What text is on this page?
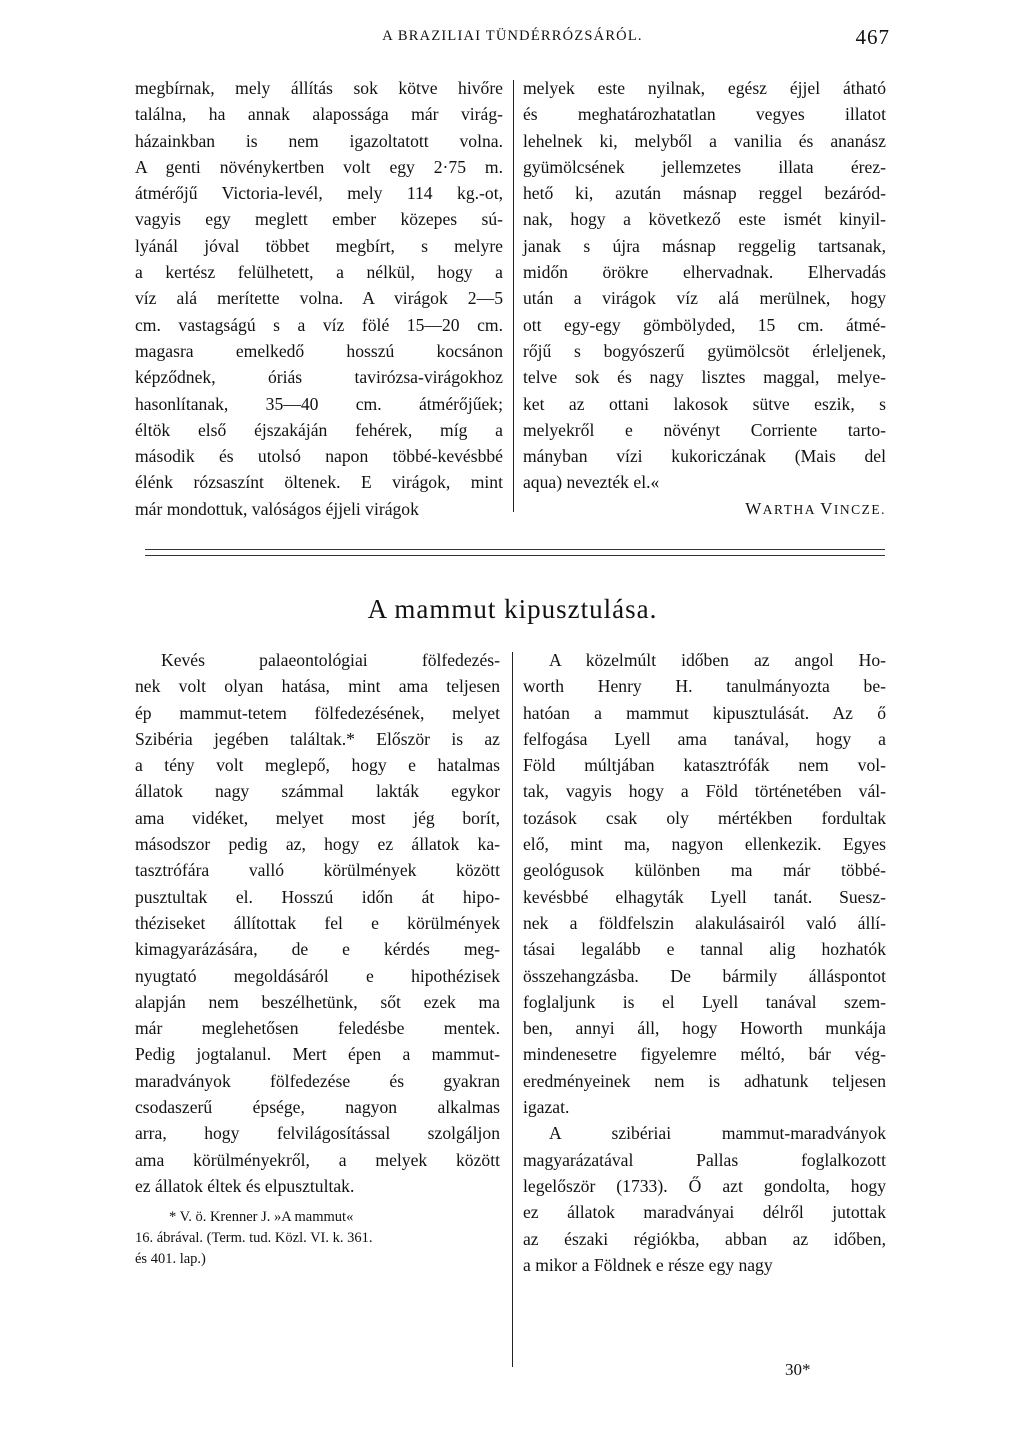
A BRAZILIAI TÜNDÉRRÓZSÁRÓL.	467
megbírnak, mely állítás sok kötve hivőre
találna, ha annak alapossága már virág-
házainkban is nem igazoltatott volna.
A genti növénykertben volt egy 2·75 m.
átmérőjű Victoria-levél, mely 114 kg.-ot,
vagyis egy meglett ember közepes sú-
lyánál jóval többet megbírt, s melyre
a kertész felülhetett, a nélkül, hogy a
víz alá merítette volna. A virágok 2—5
cm. vastagságú s a víz fölé 15—20 cm.
magasra emelkedő hosszú kocsánon
képződnek, óriás tavirózsa-virágokhoz
hasonlítanak, 35—40 cm. átmérőjűek;
éltök első éjszakáján fehérek, míg a
második és utolsó napon többé-kevésbbé
élénk rózsaszínt öltenek. E virágok, mint
már mondottuk, valóságos éjjeli virágok
melyek este nyilnak, egész éjjel átható
és meghatározhatatlan vegyes illatot
lehelnek ki, melyből a vanilia és ananász
gyümölcsének jellemzetes illata érez-
hető ki, azután másnap reggel bezáród-
nak, hogy a következő este ismét kinyil-
janak s újra másnap reggelig tartsanak,
midőn örökre elhervadnak. Elhervadás
után a virágok víz alá merülnek, hogy
ott egy-egy gömbölyded, 15 cm. átmé-
rőjű s bogyószerű gyümölcsöt érleljenek,
telve sok és nagy lisztes maggal, melye-
ket az ottani lakosok sütve eszik, s
melyekről e növényt Corriente tarto-
mányban vízi kukoriczának (Mais del
aqua) nevezték el.«
WARTHA VINCZE.
A mammut kipusztulása.
Kevés palaeontológiai fölfedezés-
nek volt olyan hatása, mint ama teljesen
ép mammut-tetem fölfedezésének, melyet
Szibéria jegében találtak.* Először is az
a tény volt meglepő, hogy e hatalmas
állatok nagy számmal lakták egykor
ama vidéket, melyet most jég borít,
másodszor pedig az, hogy ez állatok ka-
tasztrófára valló körülmények között
pusztultak el. Hosszú időn át hipo-
théziseket állítottak fel e körülmények
kimagyarázására, de e kérdés meg-
nyugtató megoldásáról e hipothézisek
alapján nem beszélhetünk, sőt ezek ma
már meglehetősen feledésbe mentek.
Pedig jogtalanul. Mert épen a mammut-
maradványok fölfedezése és gyakran
csodaszerű épsége, nagyon alkalmas
arra, hogy felvilágosítással szolgáljon
ama körülményekről, a melyek között
ez állatok éltek és elpusztultak.
A közelmúlt időben az angol Ho-
worth Henry H. tanulmányozta be-
hatóan a mammut kipusztulását. Az ő
felfogása Lyell ama tanával, hogy a
Föld múltjában katasztrófák nem vol-
tak, vagyis hogy a Föld történetében vál-
tozások csak oly mértékben fordultak
elő, mint ma, nagyon ellenkezik. Egyes
geológusok különben ma már többé-
kevésbbé elhagyták Lyell tanát. Suesz-
nek a földfelszin alakulásairól való állí-
tásai legalább e tannal alig hozhatók
összehangzásba. De bármily álláspontot
foglaljunk is el Lyell tanával szem-
ben, annyi áll, hogy Howorth munkája
mindenesetre figyelemre méltó, bár vég-
eredményeinek nem is adhatunk teljesen
igazat.
A szibériai mammut-maradványok
magyarázatával Pallas foglalkozott
legelőször (1733). Ő azt gondolta, hogy
ez állatok maradványai délről jutottak
az északi régiókba, abban az időben,
a mikor a Földnek e része egy nagy
* V. ö. Krenner J. »A mammut«
16. ábrával. (Term. tud. Közl. VI. k. 361.
és 401. lap.)
30*
